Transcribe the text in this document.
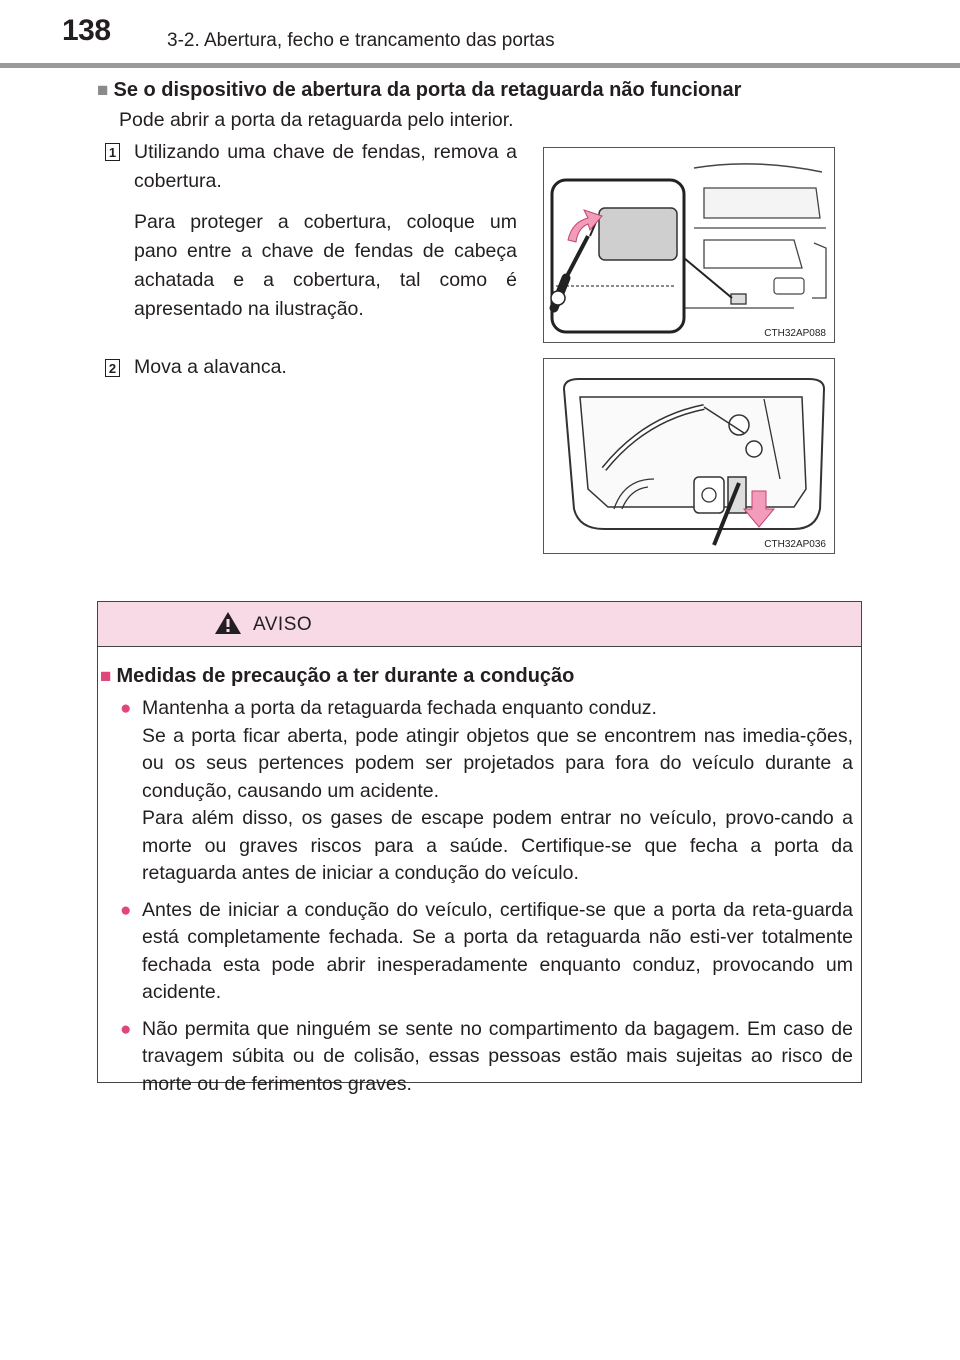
138	3-2. Abertura, fecho e trancamento das portas
■ Se o dispositivo de abertura da porta da retaguarda não funcionar
Pode abrir a porta da retaguarda pelo interior.
1 Utilizando uma chave de fendas, remova a cobertura.

Para proteger a cobertura, coloque um pano entre a chave de fendas de cabeça achatada e a cobertura, tal como é apresentado na ilustração.

CTH32AP088
2 Mova a alavanca.

CTH32AP036
AVISO
■ Medidas de precaução a ter durante a condução
● Mantenha a porta da retaguarda fechada enquanto conduz.

Se a porta ficar aberta, pode atingir objetos que se encontrem nas imedia-ções, ou os seus pertences podem ser projetados para fora do veículo durante a condução, causando um acidente.

Para além disso, os gases de escape podem entrar no veículo, provo-cando a morte ou graves riscos para a saúde. Certifique-se que fecha a porta da retaguarda antes de iniciar a condução do veículo.

● Antes de iniciar a condução do veículo, certifique-se que a porta da reta-guarda está completamente fechada. Se a porta da retaguarda não esti-ver totalmente fechada esta pode abrir inesperadamente enquanto conduz, provocando um acidente.

● Não permita que ninguém se sente no compartimento da bagagem. Em caso de travagem súbita ou de colisão, essas pessoas estão mais sujeitas ao risco de morte ou de ferimentos graves.
